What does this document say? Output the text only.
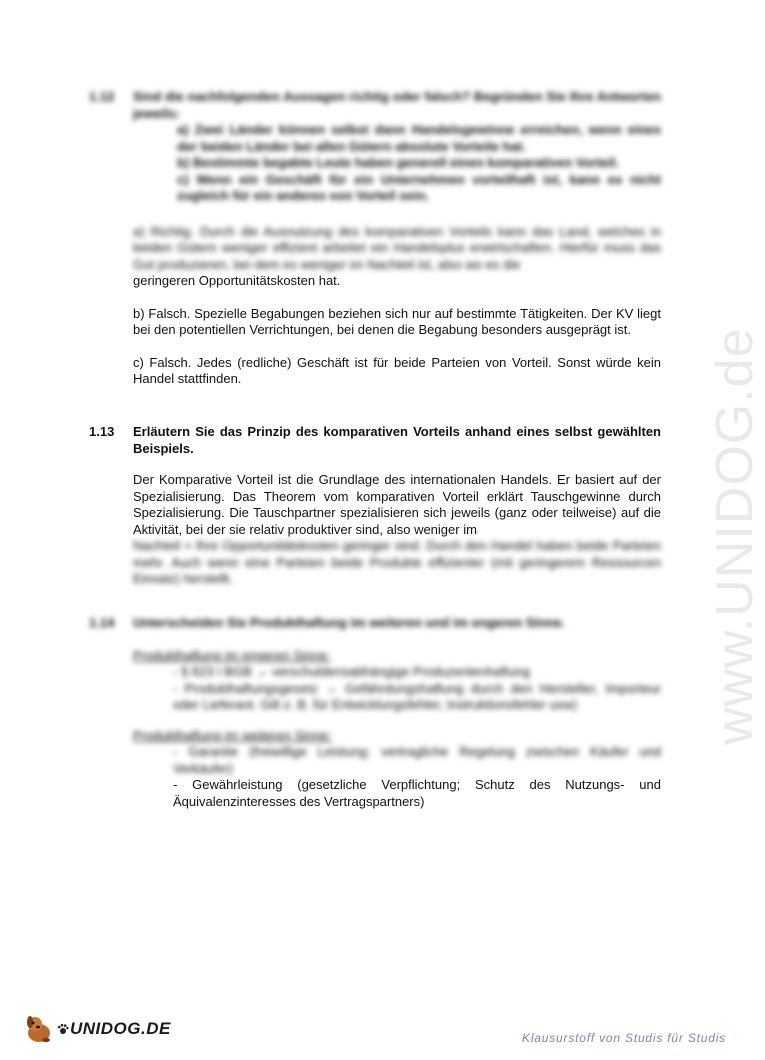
1.12	Sind die nachfolgenden Aussagen richtig oder falsch? Begründen Sie Ihre Antworten jeweils:
a) Zwei Länder können selbst dann Handelsgewinne erreichen, wenn eines der beiden Länder bei allen Gütern absolute Vorteile hat.
b) Bestimmte begabte Leute haben generell einen komparativen Vorteil.
c) Wenn ein Geschäft für ein Unternehmen vorteilhaft ist, kann es nicht zugleich für ein anderes von Vorteil sein.

a) Richtig. Durch die Ausnutzung des komparativen Vorteils kann das Land, welches in beiden Gütern weniger effizient arbeitet ein Handelsplus erwirtschaften. Hierfür muss das Gut produzieren, bei dem es weniger im Nachteil ist, also wo es die

geringeren Opportunitätskosten hat.

b) Falsch. Spezielle Begabungen beziehen sich nur auf bestimmte Tätigkeiten. Der KV liegt bei den potentiellen Verrichtungen, bei denen die Begabung besonders ausgeprägt ist.

c) Falsch. Jedes (redliche) Geschäft ist für beide Parteien von Vorteil. Sonst würde kein Handel stattfinden.

1.13	Erläutern Sie das Prinzip des komparativen Vorteils anhand eines selbst gewählten Beispiels.

Der Komparative Vorteil ist die Grundlage des internationalen Handels. Er basiert auf der Spezialisierung. Das Theorem vom komparativen Vorteil erklärt Tauschgewinne durch Spezialisierung. Die Tauschpartner spezialisieren sich jeweils (ganz oder teilweise) auf die Aktivität, bei der sie relativ produktiver sind, also weniger im

Nachteil = Ihre Opportunitätskosten geringer sind. Durch den Handel haben beide Parteien mehr. Auch wenn eine Parteien beide Produkte effizienter (mit geringerem Ressourcen Einsatz) herstellt.

1.14	Unterscheiden Sie Produkthaftung im weiteren und im engeren Sinne.
Produkthaftung im engeren Sinne:
- § 823 I BGB → verschuldensabhängige Produzentenhaftung
- Produkthaftungsgesetz → Gefährdungshaftung durch den Hersteller, Importeur oder Lieferant. Gilt z. B. für Entwicklungsfehler, Instruktionsfehler usw)
Produkthaftung im weiteren Sinne:
- Garantie (freiwillige Leistung; vertragliche Regelung zwischen Käufer und Verkäufer)
- Gewährleistung (gesetzliche Verpflichtung; Schutz des Nutzungs- und Äquivalenzinteresses des Vertragspartners)
www.UNIDOG.de
UNIDOG.DE	Klausurstoff von Studis für Studis
